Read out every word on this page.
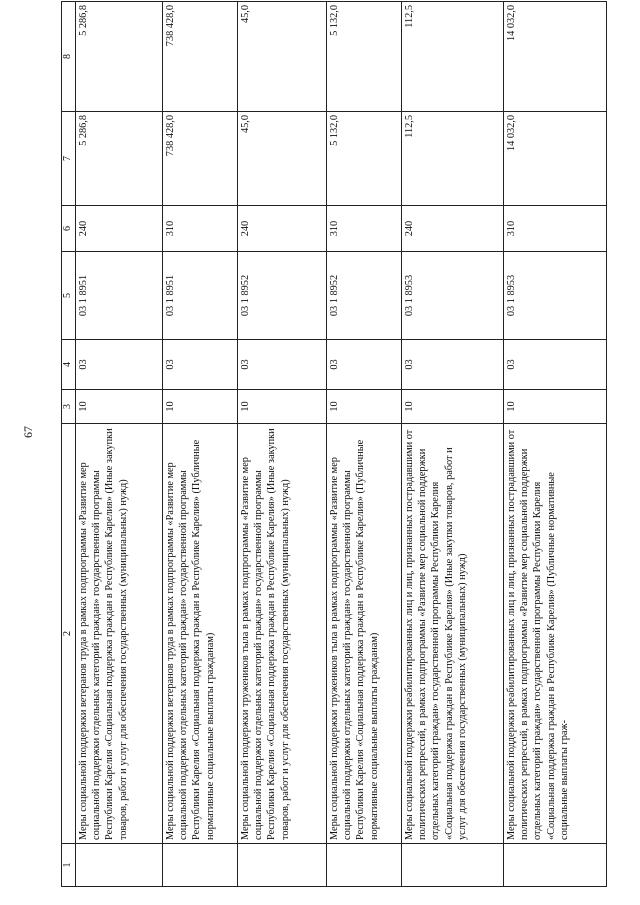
67
1	2	3	4	5	6	7	8
	Меры социальной поддержки ветеранов труда в рамках подпрограммы «Развитие мер социальной поддержки отдельных категорий граждан» государственной программы Республики Карелия «Социальная поддержка граждан в Республике Карелия» (Иные закупки товаров, работ и услуг для обеспечения государственных (муниципальных) нужд)	10	03	03 1 8951	240	5 286,8	5 286,8
	Меры социальной поддержки ветеранов труда в рамках подпрограммы «Развитие мер социальной поддержки отдельных категорий граждан» государственной программы Республики Карелия «Социальная поддержка граждан в Республике Карелия» (Публичные нормативные социальные выплаты гражданам)	10	03	03 1 8951	310	738 428,0	738 428,0
	Меры социальной поддержки тружеников тыла в рамках подпрограммы «Развитие мер социальной поддержки отдельных категорий граждан» государственной программы Республики Карелия «Социальная поддержка граждан в Республике Карелия» (Иные закупки товаров, работ и услуг для обеспечения государственных (муниципальных) нужд)	10	03	03 1 8952	240	45,0	45,0
	Меры социальной поддержки тружеников тыла в рамках подпрограммы «Развитие мер социальной поддержки отдельных категорий граждан» государственной программы Республики Карелия «Социальная поддержка граждан в Республике Карелия» (Публичные нормативные социальные выплаты гражданам)	10	03	03 1 8952	310	5 132,0	5 132,0
	Меры социальной поддержки реабилитированных лиц и лиц, признанных пострадавшими от политических репрессий, в рамках подпрограммы «Развитие мер социальной поддержки отдельных категорий граждан» государственной программы Республики Карелия «Социальная поддержка граждан в Республике Карелия» (Иные закупки товаров, работ и услуг для обеспечения государственных (муниципальных) нужд)	10	03	03 1 8953	240	112,5	112,5
	Меры социальной поддержки реабилитированных лиц и лиц, признанных пострадавшими от политических репрессий, в рамках подпрограммы «Развитие мер социальной поддержки отдельных категорий граждан» государственной программы Республики Карелия «Социальная поддержка граждан в Республике Карелия» (Публичные нормативные социальные выплаты граж-	10	03	03 1 8953	310	14 032,0	14 032,0
